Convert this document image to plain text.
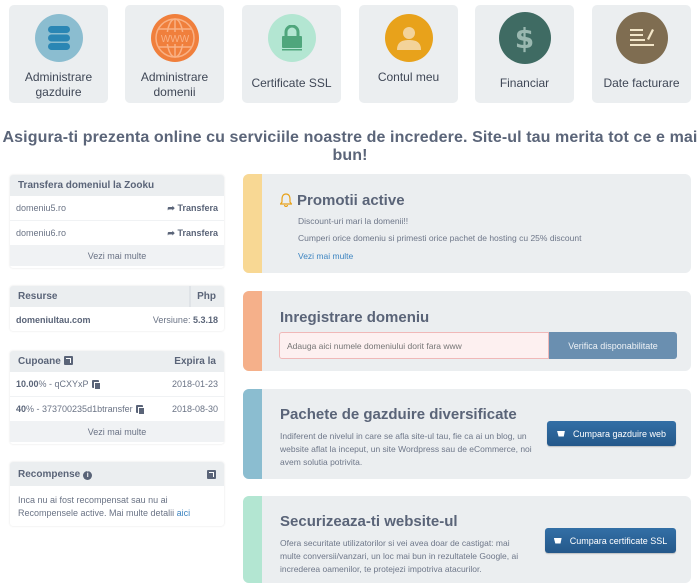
Administrare
gazduire
WWW
Administrare
domenii
Certificate SSL	Contul meu
$
Financiar	Date facturare
Asigura-ti prezenta online cu serviciile noastre de incredere. Site-ul tau merita tot ce e mai bun!
Transfera domeniul la Zooku
domeniu5.ro	➦ Transfera
domeniu6.ro	➦ Transfera
Vezi mai multe
Resurse	Php
domeniultau.com	Versiune: 5.3.18
Cupoane	Expira la
10.00% - qCXYxP	2018-01-23
40% - 373700235d1btransfer	2018-08-30
Vezi mai multe
Recompense i
Inca nu ai fost recompensat sau nu ai Recompensele active. Mai multe detalii aici
Promotii active

Discount-uri mari la domenii!!

Cumperi orice domeniu si primesti orice pachet de hosting cu 25% discount

Vezi mai multe

Inregistrare domeniu
Adauga aici numele domeniului dorit fara www
Verifica disponabilitate
Pachete de gazduire diversificate

Indiferent de nivelul in care se afla site-ul tau, fie ca ai un blog, un website aflat la inceput, un site Wordpress sau de eCommerce, noi avem solutia potrivita.

Cumpara gazduire web
Securizeaza-ti website-ul

Ofera securitate utilizatorilor si vei avea doar de castigat: mai multe conversii/vanzari, un loc mai bun in rezultatele Google, ai increderea oamenilor, te protejezi impotriva atacurilor.

Cumpara certificate SSL
